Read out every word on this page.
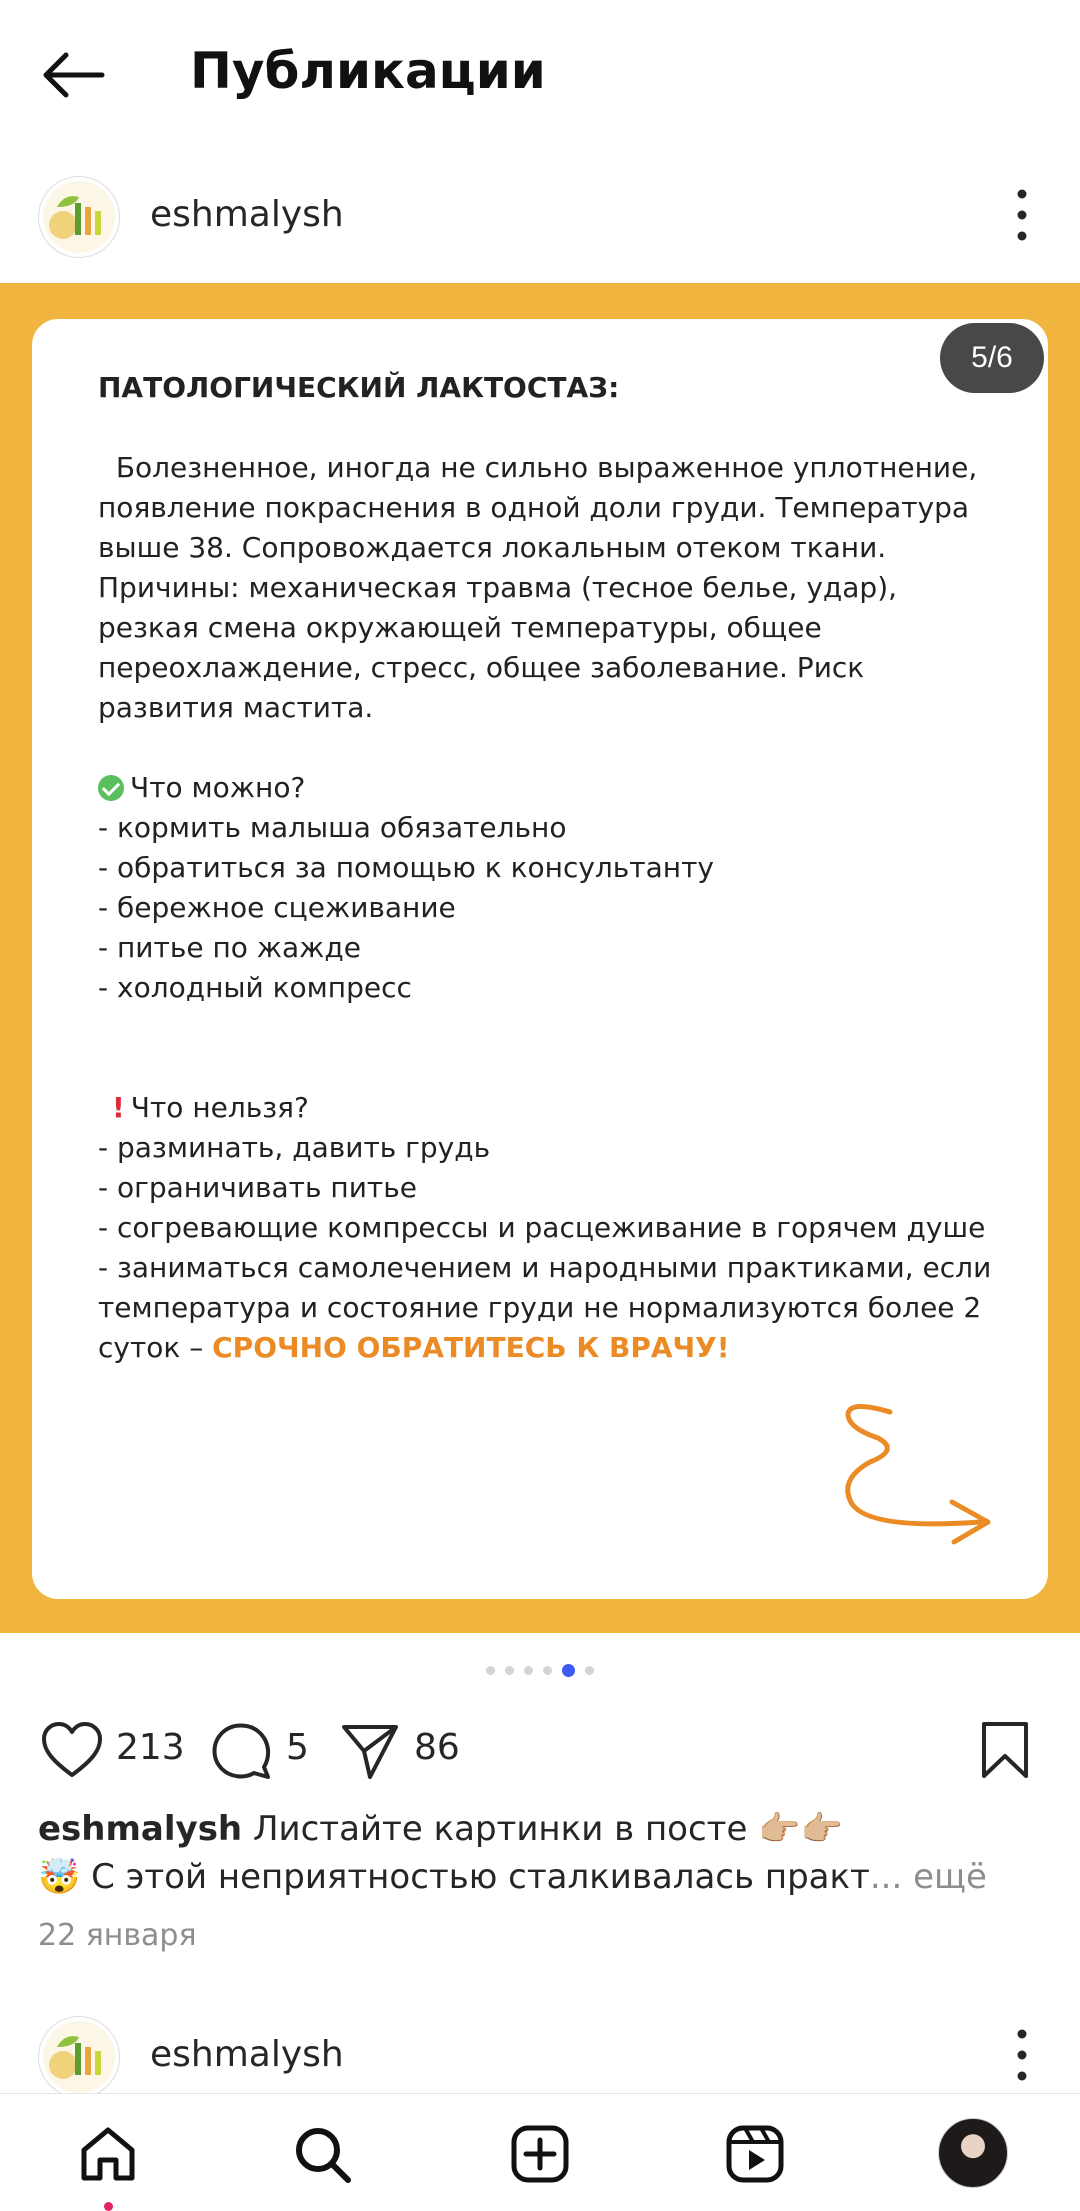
Публикации
eshmalysh
5/6

ПАТОЛОГИЧЕСКИЙ ЛАКТОСТАЗ:

Болезненное, иногда не сильно выраженное уплотнение, появление покраснения в одной доли груди. Температура выше 38. Сопровождается локальным отеком ткани. Причины: механическая травма (тесное белье, удар), резкая смена окружающей температуры, общее переохлаждение, стресс, общее заболевание. Риск развития мастита.

Что можно?

- кормить малыша обязательно

- обратиться за помощью к консультанту

- бережное сцеживание

- питье по жажде

- холодный компресс

! Что нельзя?

- разминать, давить грудь

- ограничивать питье

- согревающие компрессы и расцеживание в горячем душе

- заниматься самолечением и народными практиками, если температура и состояние груди не нормализуются более 2 суток – СРОЧНО ОБРАТИТЕСЬ К ВРАЧУ!

213	5	86
eshmalysh Листайте картинки в посте 👉🏼👉🏼
🤯 С этой неприятностью сталкивалась практ... ещё
22 января
eshmalysh
